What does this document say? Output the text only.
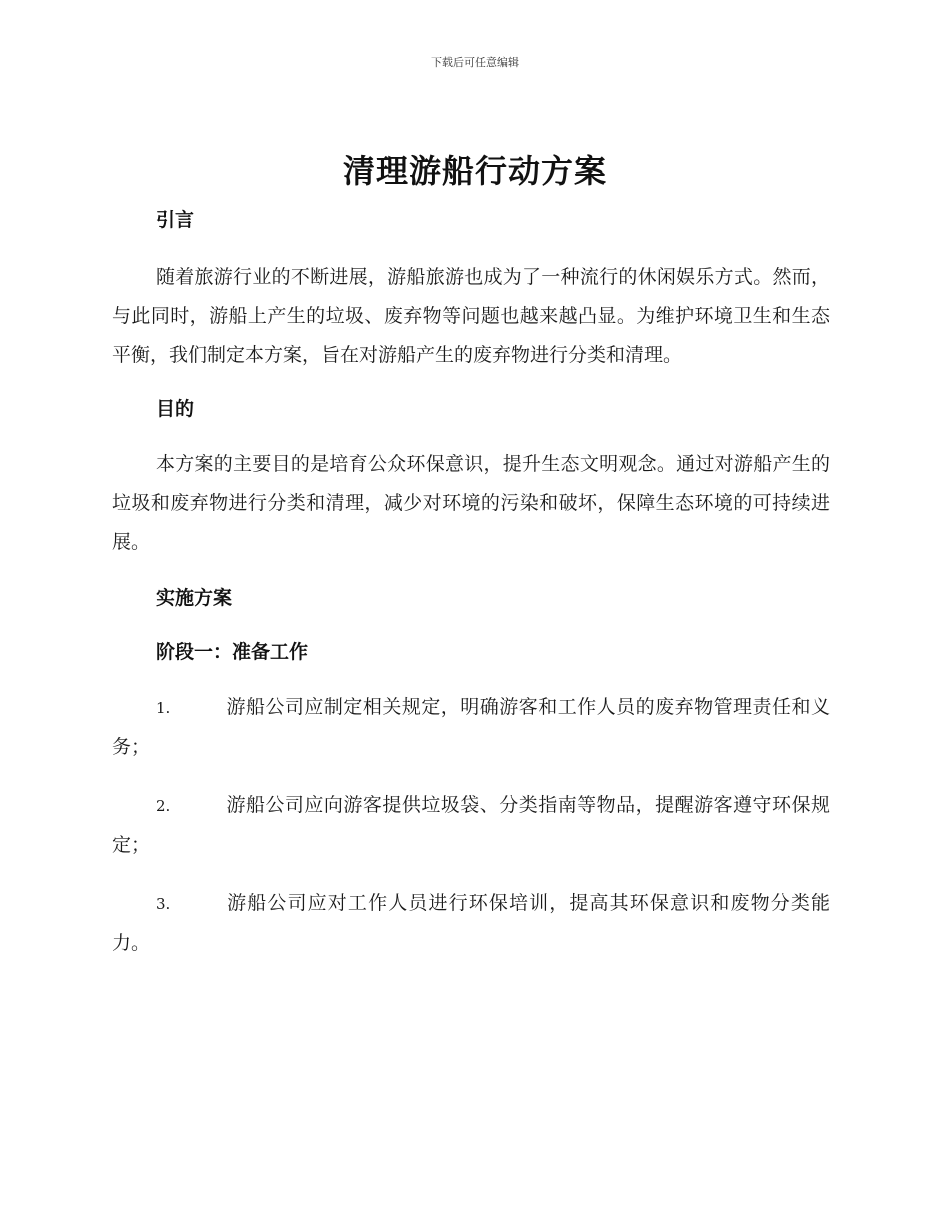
下载后可任意编辑
清理游船行动方案
引言

随着旅游行业的不断进展，游船旅游也成为了一种流行的休闲娱乐方式。然而，与此同时，游船上产生的垃圾、废弃物等问题也越来越凸显。为维护环境卫生和生态平衡，我们制定本方案，旨在对游船产生的废弃物进行分类和清理。

目的

本方案的主要目的是培育公众环保意识，提升生态文明观念。通过对游船产生的垃圾和废弃物进行分类和清理，减少对环境的污染和破坏，保障生态环境的可持续进展。

实施方案
阶段一：准备工作

1.	游船公司应制定相关规定，明确游客和工作人员的废弃物管理责任和义务；

2.	游船公司应向游客提供垃圾袋、分类指南等物品，提醒游客遵守环保规定；

3.	游船公司应对工作人员进行环保培训，提高其环保意识和废物分类能力。
